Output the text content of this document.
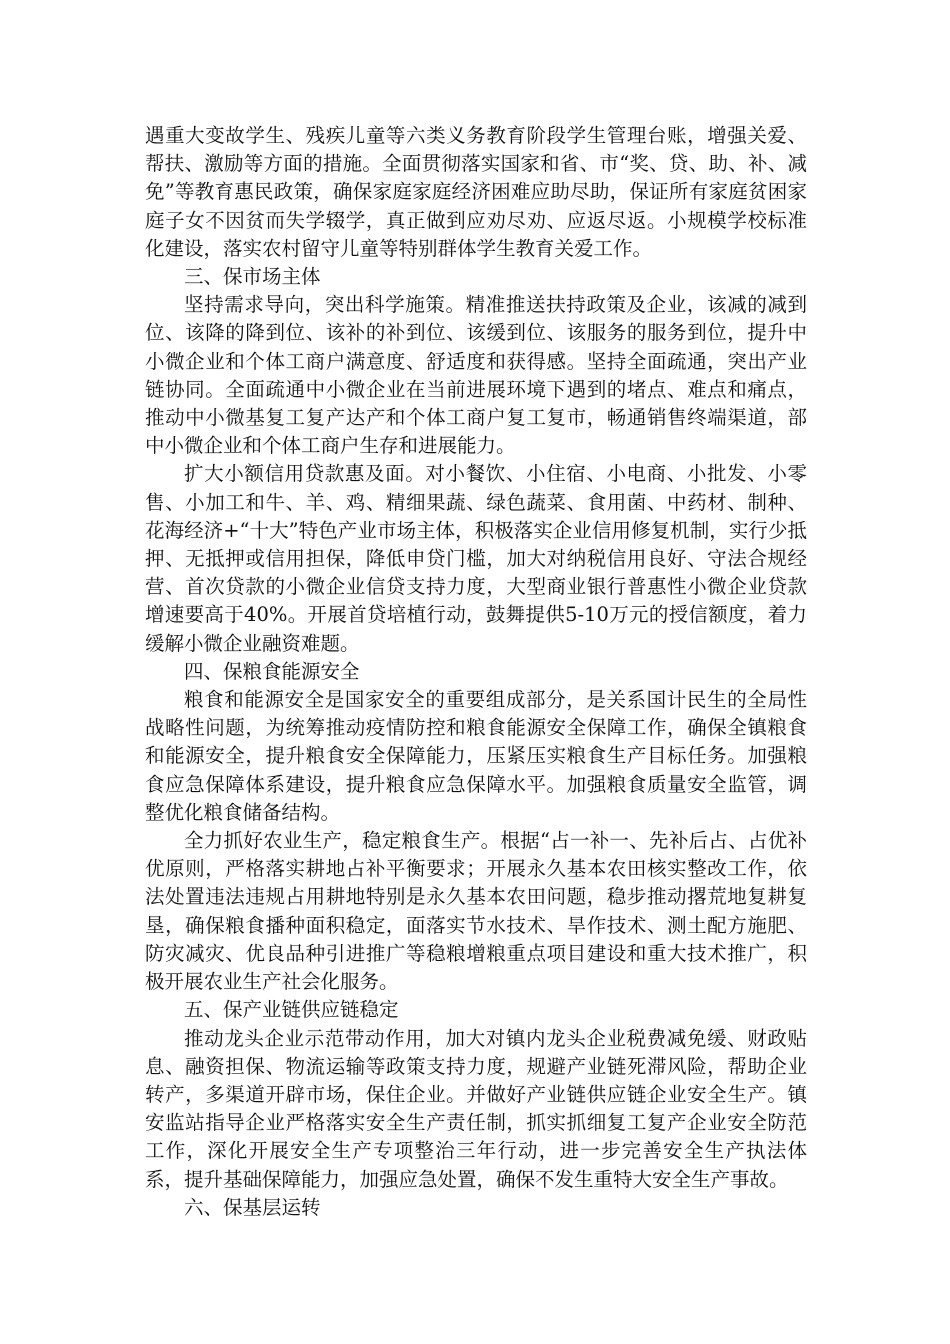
遇重大变故学生、残疾儿童等六类义务教育阶段学生管理台账，增强关爱、帮扶、激励等方面的措施。全面贯彻落实国家和省、市“奖、贷、助、补、减免”等教育惠民政策，确保家庭家庭经济困难应助尽助，保证所有家庭贫困家庭子女不因贫而失学辍学，真正做到应劝尽劝、应返尽返。小规模学校标准化建设，落实农村留守儿童等特别群体学生教育关爱工作。

三、保市场主体

坚持需求导向，突出科学施策。精准推送扶持政策及企业，该减的减到位、该降的降到位、该补的补到位、该缓到位、该服务的服务到位，提升中小微企业和个体工商户满意度、舒适度和获得感。坚持全面疏通，突出产业链协同。全面疏通中小微企业在当前进展环境下遇到的堵点、难点和痛点，推动中小微基复工复产达产和个体工商户复工复市，畅通销售终端渠道，部中小微企业和个体工商户生存和进展能力。

扩大小额信用贷款惠及面。对小餐饮、小住宿、小电商、小批发、小零售、小加工和牛、羊、鸡、精细果蔬、绿色蔬菜、食用菌、中药材、制种、花海经济+“十大”特色产业市场主体，积极落实企业信用修复机制，实行少抵押、无抵押或信用担保，降低申贷门槛，加大对纳税信用良好、守法合规经营、首次贷款的小微企业信贷支持力度，大型商业银行普惠性小微企业贷款增速要高于40%。开展首贷培植行动，鼓舞提供5-10万元的授信额度，着力缓解小微企业融资难题。

四、保粮食能源安全

粮食和能源安全是国家安全的重要组成部分，是关系国计民生的全局性战略性问题，为统筹推动疫情防控和粮食能源安全保障工作，确保全镇粮食和能源安全，提升粮食安全保障能力，压紧压实粮食生产目标任务。加强粮食应急保障体系建设，提升粮食应急保障水平。加强粮食质量安全监管，调整优化粮食储备结构。

全力抓好农业生产，稳定粮食生产。根据“占一补一、先补后占、占优补优原则，严格落实耕地占补平衡要求；开展永久基本农田核实整改工作，依法处置违法违规占用耕地特别是永久基本农田问题，稳步推动撂荒地复耕复垦，确保粮食播种面积稳定，面落实节水技术、旱作技术、测土配方施肥、防灾减灾、优良品种引进推广等稳粮增粮重点项目建设和重大技术推广，积极开展农业生产社会化服务。

五、保产业链供应链稳定

推动龙头企业示范带动作用，加大对镇内龙头企业税费减免缓、财政贴息、融资担保、物流运输等政策支持力度，规避产业链死滞风险，帮助企业转产，多渠道开辟市场，保住企业。并做好产业链供应链企业安全生产。镇安监站指导企业严格落实安全生产责任制，抓实抓细复工复产企业安全防范工作，深化开展安全生产专项整治三年行动，进一步完善安全生产执法体系，提升基础保障能力，加强应急处置，确保不发生重特大安全生产事故。

六、保基层运转
